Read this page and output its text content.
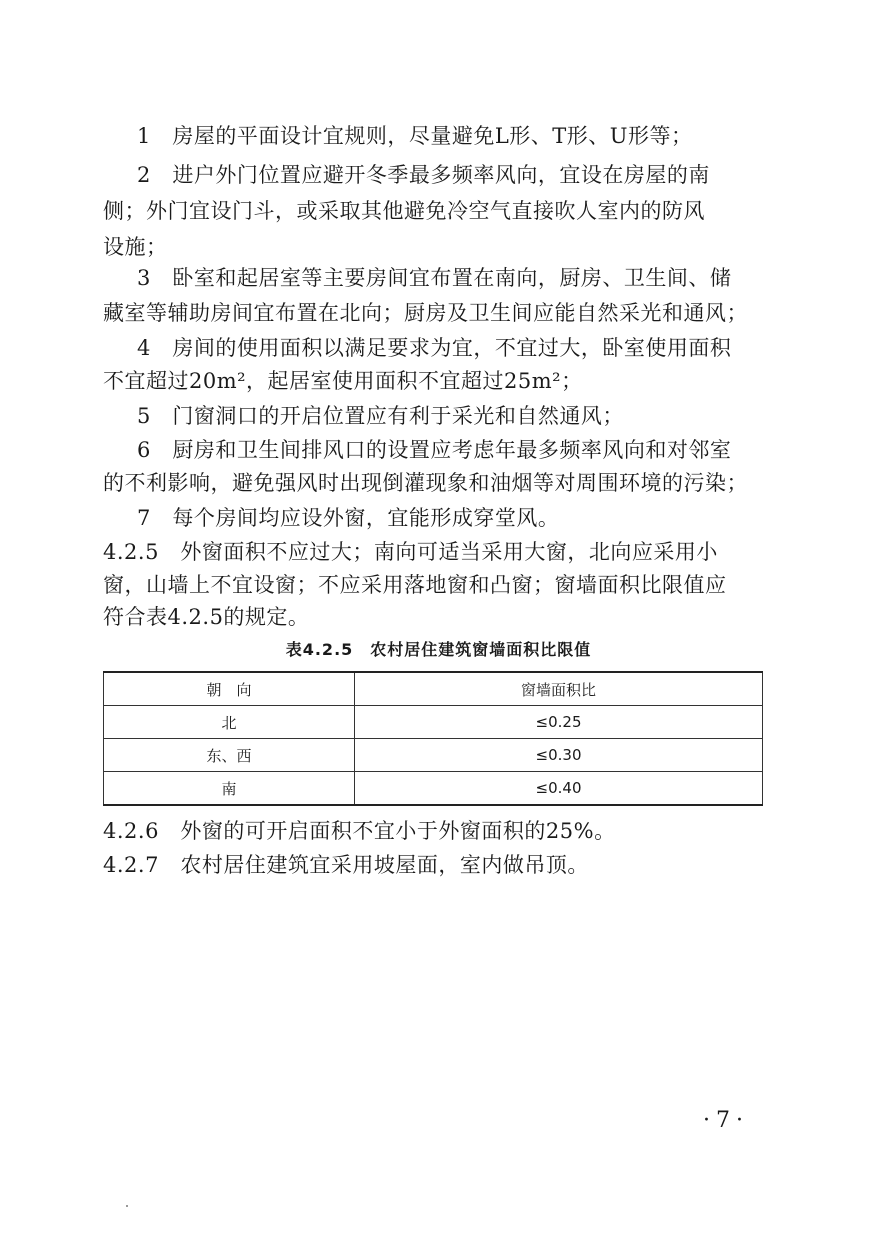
1　房屋的平面设计宜规则，尽量避免L形、T形、U形等；
2　进户外门位置应避开冬季最多频率风向，宜设在房屋的南
侧；外门宜设门斗，或采取其他避免冷空气直接吹人室内的防风
设施；
3　卧室和起居室等主要房间宜布置在南向，厨房、卫生间、储
藏室等辅助房间宜布置在北向；厨房及卫生间应能自然采光和通风；
4　房间的使用面积以满足要求为宜，不宜过大，卧室使用面积
不宜超过20m²，起居室使用面积不宜超过25m²；
5　门窗洞口的开启位置应有利于采光和自然通风；
6　厨房和卫生间排风口的设置应考虑年最多频率风向和对邻室
的不利影响，避免强风时出现倒灌现象和油烟等对周围环境的污染；
7　每个房间均应设外窗，宜能形成穿堂风。
4.2.5　外窗面积不应过大；南向可适当采用大窗，北向应采用小
窗，山墙上不宜设窗；不应采用落地窗和凸窗；窗墙面积比限值应
符合表4.2.5的规定。
表4.2.5　农村居住建筑窗墙面积比限值
朝　向	窗墙面积比
北	≤0.25
东、西	≤0.30
南	≤0.40
4.2.6　外窗的可开启面积不宜小于外窗面积的25%。
4.2.7　农村居住建筑宜采用坡屋面，室内做吊顶。
·7·
